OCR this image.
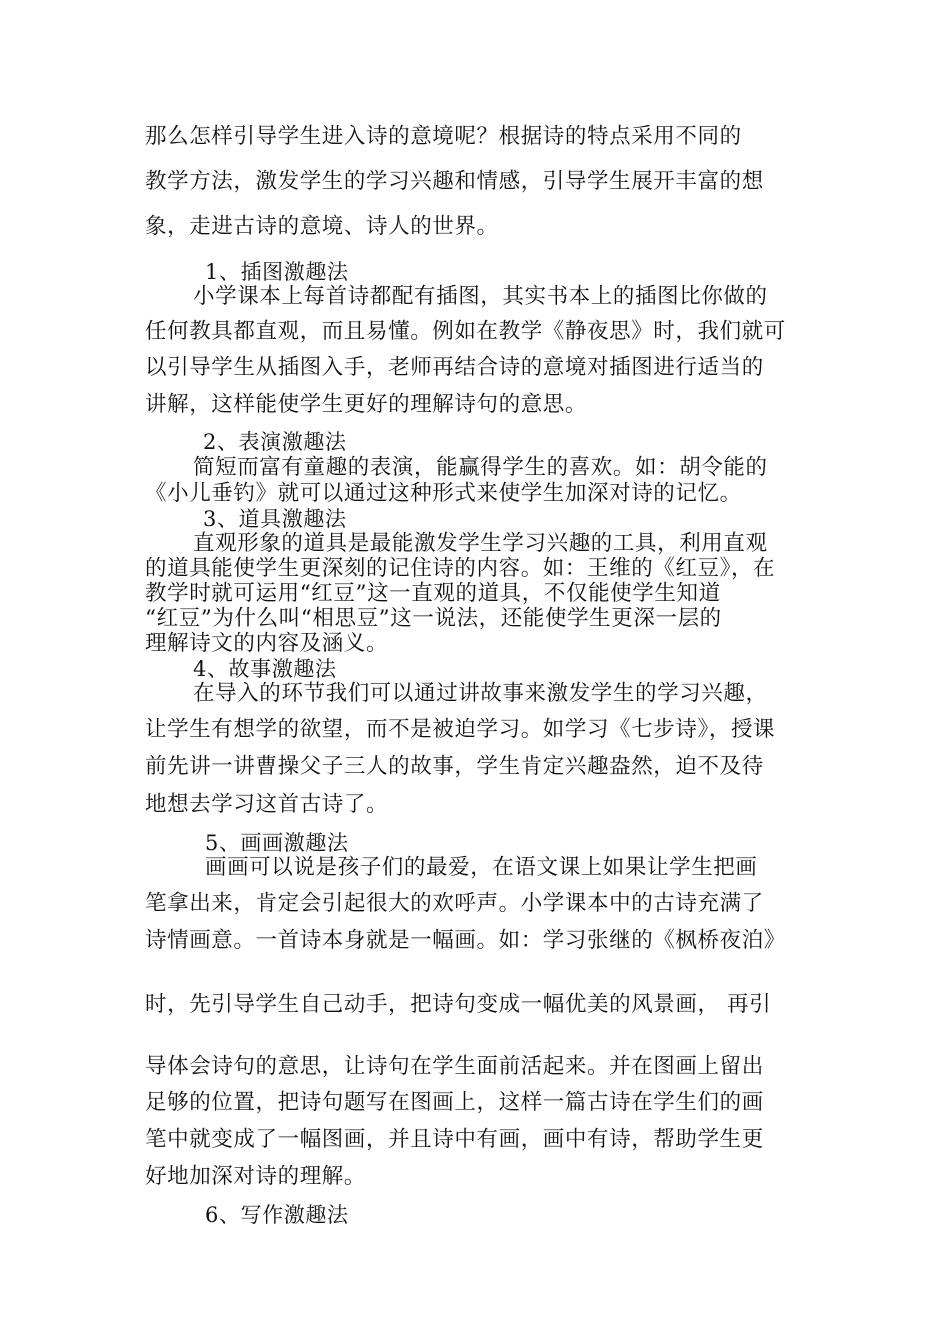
那么怎样引导学生进入诗的意境呢？根据诗的特点采用不同的
教学方法，激发学生的学习兴趣和情感，引导学生展开丰富的想
象，走进古诗的意境、诗人的世界。
1、插图激趣法
小学课本上每首诗都配有插图，其实书本上的插图比你做的
任何教具都直观，而且易懂。例如在教学《静夜思》时，我们就可
以引导学生从插图入手，老师再结合诗的意境对插图进行适当的
讲解，这样能使学生更好的理解诗句的意思。
2、表演激趣法
简短而富有童趣的表演，能赢得学生的喜欢。如：胡令能的
《小儿垂钓》就可以通过这种形式来使学生加深对诗的记忆。
3、道具激趣法
直观形象的道具是最能激发学生学习兴趣的工具，利用直观
的道具能使学生更深刻的记住诗的内容。如：王维的《红豆》，在
教学时就可运用“红豆”这一直观的道具，不仅能使学生知道
“红豆”为什么叫“相思豆”这一说法，还能使学生更深一层的
理解诗文的内容及涵义。
4、故事激趣法
在导入的环节我们可以通过讲故事来激发学生的学习兴趣，
让学生有想学的欲望，而不是被迫学习。如学习《七步诗》，授课
前先讲一讲曹操父子三人的故事，学生肯定兴趣盎然，迫不及待
地想去学习这首古诗了。
5、画画激趣法
画画可以说是孩子们的最爱，在语文课上如果让学生把画
笔拿出来，肯定会引起很大的欢呼声。小学课本中的古诗充满了
诗情画意。一首诗本身就是一幅画。如：学习张继的《枫桥夜泊》
时，先引导学生自己动手，把诗句变成一幅优美的风景画， 再引
导体会诗句的意思，让诗句在学生面前活起来。并在图画上留出
足够的位置，把诗句题写在图画上，这样一篇古诗在学生们的画
笔中就变成了一幅图画，并且诗中有画，画中有诗，帮助学生更
好地加深对诗的理解。
6、写作激趣法
